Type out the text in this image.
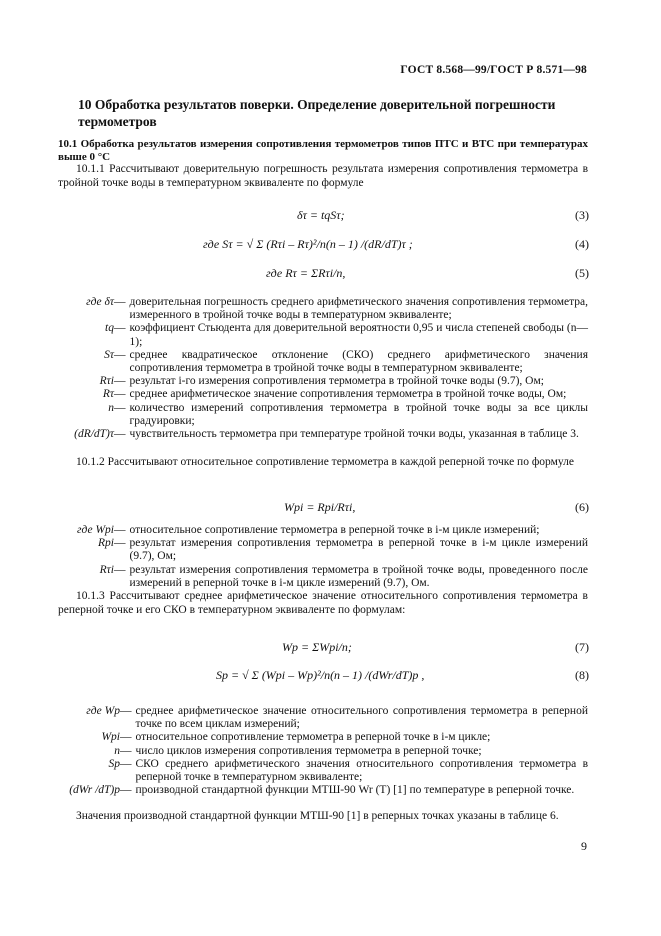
ГОСТ 8.568—99/ГОСТ Р 8.571—98
10 Обработка результатов поверки. Определение доверительной погрешности термометров
10.1 Обработка результатов измерения сопротивления термометров типов ПТС и ВТС при температурах выше 0 °С
10.1.1 Рассчитывают доверительную погрешность результата измерения сопротивления термометра в тройной точке воды в температурном эквиваленте по формуле
δτ = tqSτ;	(3)
где Sτ = √ Σ (Rτi – Rτ)²/n(n – 1) /(dR/dT)τ ;	(4)
где Rτ = ΣRτi/n,	(5)
где δτ — доверительная погрешность среднего арифметического значения сопротивления термометра, измеренного в тройной точке воды в температурном эквиваленте;
tq — коэффициент Стьюдента для доверительной вероятности 0,95 и числа степеней свободы (n—1);
Sτ — среднее квадратическое отклонение (СКО) среднего арифметического значения сопротивления термометра в тройной точке воды в температурном эквиваленте;
Rτi — результат i-го измерения сопротивления термометра в тройной точке воды (9.7), Ом;
Rτ — среднее арифметическое значение сопротивления термометра в тройной точке воды, Ом;
n — количество измерений сопротивления термометра в тройной точке воды за все циклы градуировки;
(dR/dT)τ — чувствительность термометра при температуре тройной точки воды, указанная в таблице 3.
10.1.2 Рассчитывают относительное сопротивление термометра в каждой реперной точке по формуле
Wрi = Rрi/Rτi,	(6)
где Wрi — относительное сопротивление термометра в реперной точке в i-м цикле измерений;
Rрi — результат измерения сопротивления термометра в реперной точке в i-м цикле измерений (9.7), Ом;
Rτi — результат измерения сопротивления термометра в тройной точке воды, проведенного после измерений в реперной точке в i-м цикле измерений (9.7), Ом.
10.1.3 Рассчитывают среднее арифметическое значение относительного сопротивления термометра в реперной точке и его СКО в температурном эквиваленте по формулам:
Wр = ΣWрi/n;	(7)
Sр = √ Σ (Wрi – Wр)²/n(n – 1) /(dWr/dT)р ,	(8)
где Wр — среднее арифметическое значение относительного сопротивления термометра в реперной точке по всем циклам измерений;
Wрi — относительное сопротивление термометра в реперной точке в i-м цикле;
n — число циклов измерения сопротивления термометра в реперной точке;
Sр — СКО среднего арифметического значения относительного сопротивления термометра в реперной точке в температурном эквиваленте;
(dWr /dT)р — производной стандартной функции МТШ-90 Wr (T) [1] по температуре в реперной точке.
Значения производной стандартной функции МТШ-90 [1] в реперных точках указаны в таблице 6.
9
